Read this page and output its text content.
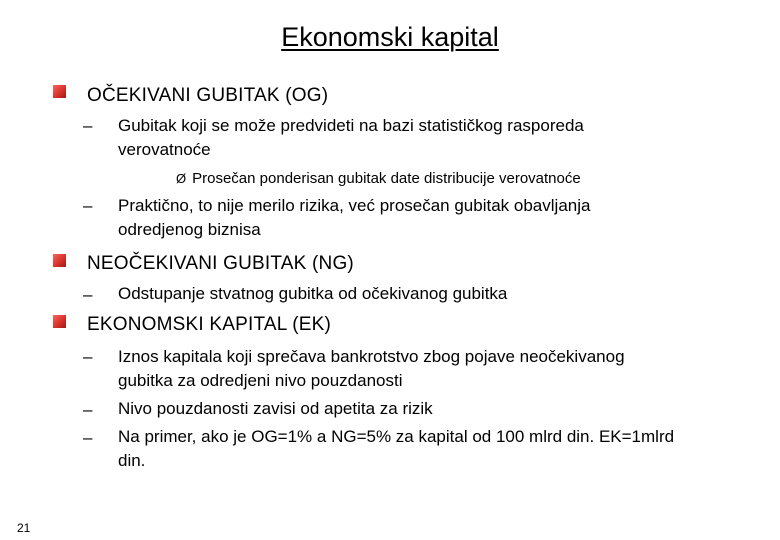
Ekonomski kapital
OČEKIVANI GUBITAK (OG)
– Gubitak koji se može predvideti na bazi statističkog rasporeda
verovatnoće
Ø Prosečan ponderisan gubitak date distribucije verovatnoće
– Praktično, to nije merilo rizika, već prosečan gubitak obavljanja
odredjenog biznisa
NEOČEKIVANI GUBITAK (NG)
– Odstupanje stvatnog gubitka od očekivanog gubitka
EKONOMSKI KAPITAL (EK)
– Iznos kapitala koji sprečava bankrotstvo zbog pojave neočekivanog
gubitka za odredjeni nivo pouzdanosti
– Nivo pouzdanosti zavisi od apetita za rizik
– Na primer, ako je OG=1% a NG=5% za kapital od 100 mlrd din. EK=1mlrd
din.
21
